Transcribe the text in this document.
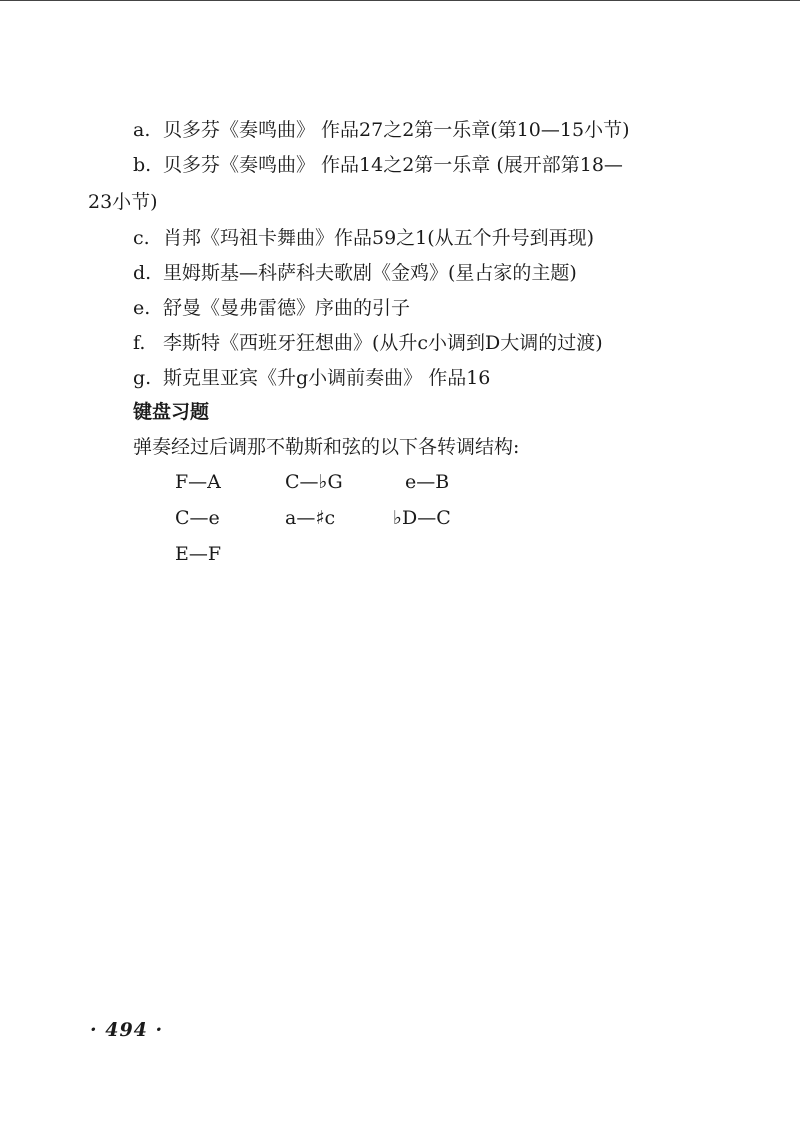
a. 贝多芬《奏鸣曲》 作品27之2第一乐章(第10—15小节)
b. 贝多芬《奏鸣曲》 作品14之2第一乐章 (展开部第18—
23小节)
c. 肖邦《玛祖卡舞曲》作品59之1(从五个升号到再现)
d. 里姆斯基—科萨科夫歌剧《金鸡》(星占家的主题)
e. 舒曼《曼弗雷德》序曲的引子
f. 李斯特《西班牙狂想曲》(从升c小调到D大调的过渡)
g. 斯克里亚宾《升g小调前奏曲》 作品16
键盘习题
弹奏经过后调那不勒斯和弦的以下各转调结构:
F—A	C—♭G	e—B
C—e	a—♯c	♭D—C
E—F
· 494 ·
